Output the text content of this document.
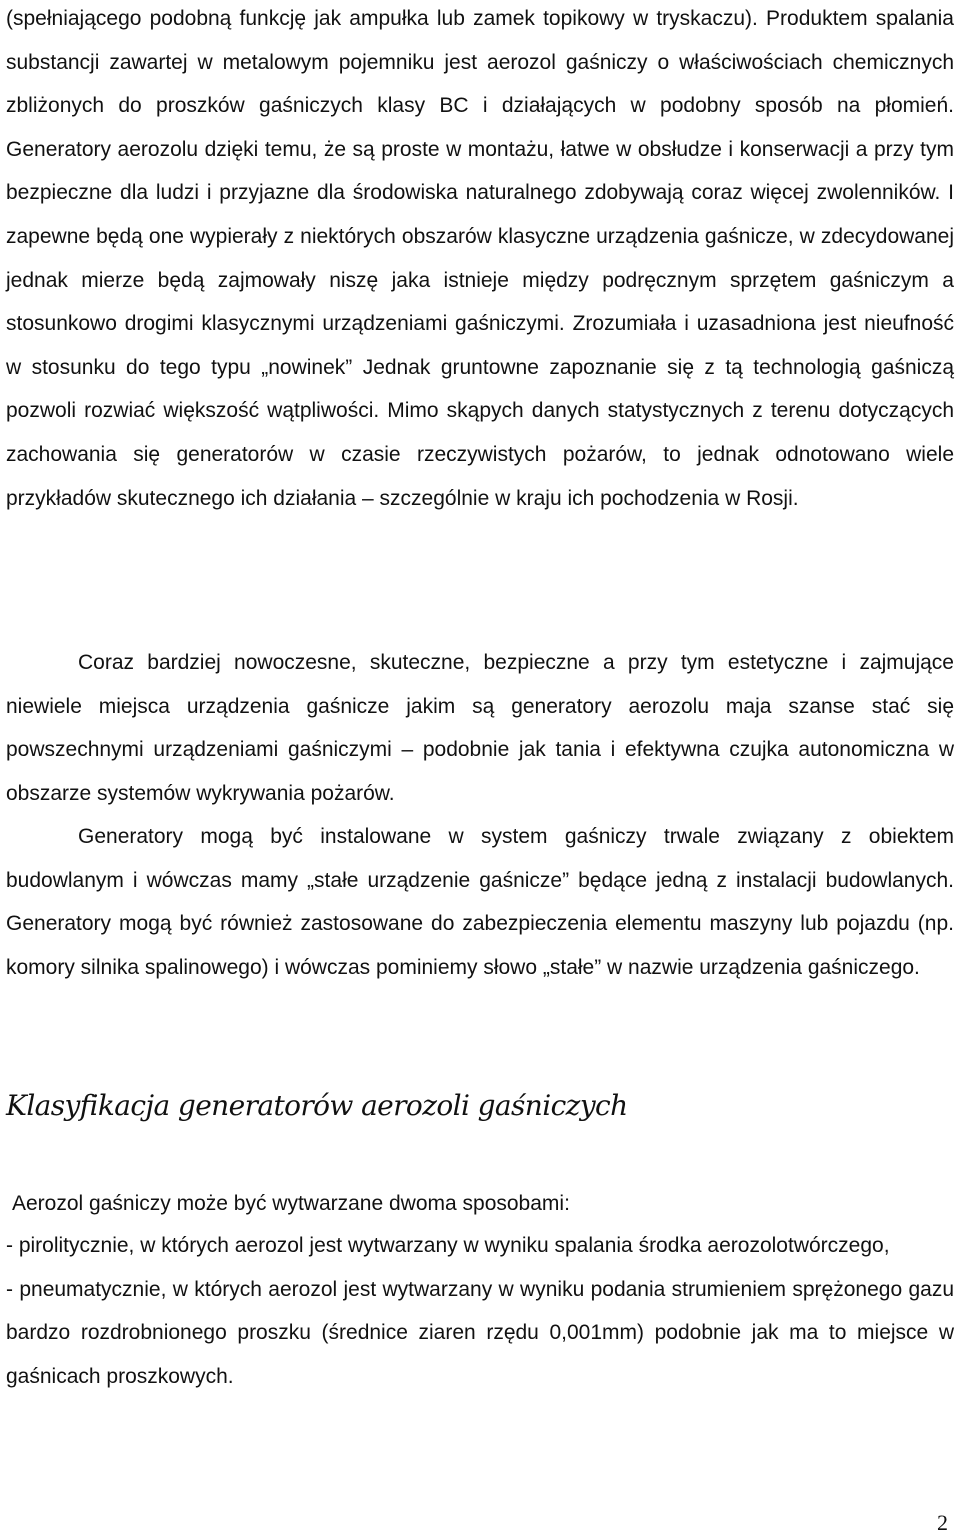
(spełniającego podobną funkcję jak ampułka lub zamek topikowy w tryskaczu). Produktem spalania substancji zawartej w metalowym pojemniku jest aerozol gaśniczy o właściwościach chemicznych zbliżonych do proszków gaśniczych klasy BC i działających w podobny sposób na płomień. Generatory aerozolu dzięki temu, że są proste w montażu, łatwe w obsłudze i konserwacji a przy tym bezpieczne dla ludzi i przyjazne dla środowiska naturalnego zdobywają coraz więcej zwolenników. I zapewne będą one wypierały z niektórych obszarów klasyczne urządzenia gaśnicze, w zdecydowanej jednak mierze będą zajmowały niszę jaka istnieje między podręcznym sprzętem gaśniczym a stosunkowo drogimi klasycznymi urządzeniami gaśniczymi. Zrozumiała i uzasadniona jest nieufność w stosunku do tego typu „nowinek” Jednak gruntowne zapoznanie się z tą technologią gaśniczą pozwoli rozwiać większość wątpliwości. Mimo skąpych danych statystycznych z terenu dotyczących zachowania się generatorów w czasie rzeczywistych pożarów, to jednak odnotowano wiele przykładów skutecznego ich działania – szczególnie w kraju ich pochodzenia w Rosji.

Coraz bardziej nowoczesne, skuteczne, bezpieczne a przy tym estetyczne i zajmujące niewiele miejsca urządzenia gaśnicze jakim są generatory aerozolu maja szanse stać się powszechnymi urządzeniami gaśniczymi – podobnie jak tania i efektywna czujka autonomiczna w obszarze systemów wykrywania pożarów.

Generatory mogą być instalowane w system gaśniczy trwale związany z obiektem budowlanym i wówczas mamy „stałe urządzenie gaśnicze” będące jedną z instalacji budowlanych. Generatory mogą być również zastosowane do zabezpieczenia elementu maszyny lub pojazdu (np. komory silnika spalinowego) i wówczas pominiemy słowo „stałe” w nazwie urządzenia gaśniczego.

Klasyfikacja generatorów aerozoli gaśniczych

Aerozol gaśniczy może być wytwarzane dwoma sposobami:

- pirolitycznie, w których aerozol jest wytwarzany w wyniku spalania środka aerozolotwórczego,
- pneumatycznie, w których aerozol jest wytwarzany w wyniku podania strumieniem sprężonego gazu bardzo rozdrobnionego proszku (średnice ziaren rzędu 0,001mm) podobnie jak ma to miejsce w gaśnicach proszkowych.
2
